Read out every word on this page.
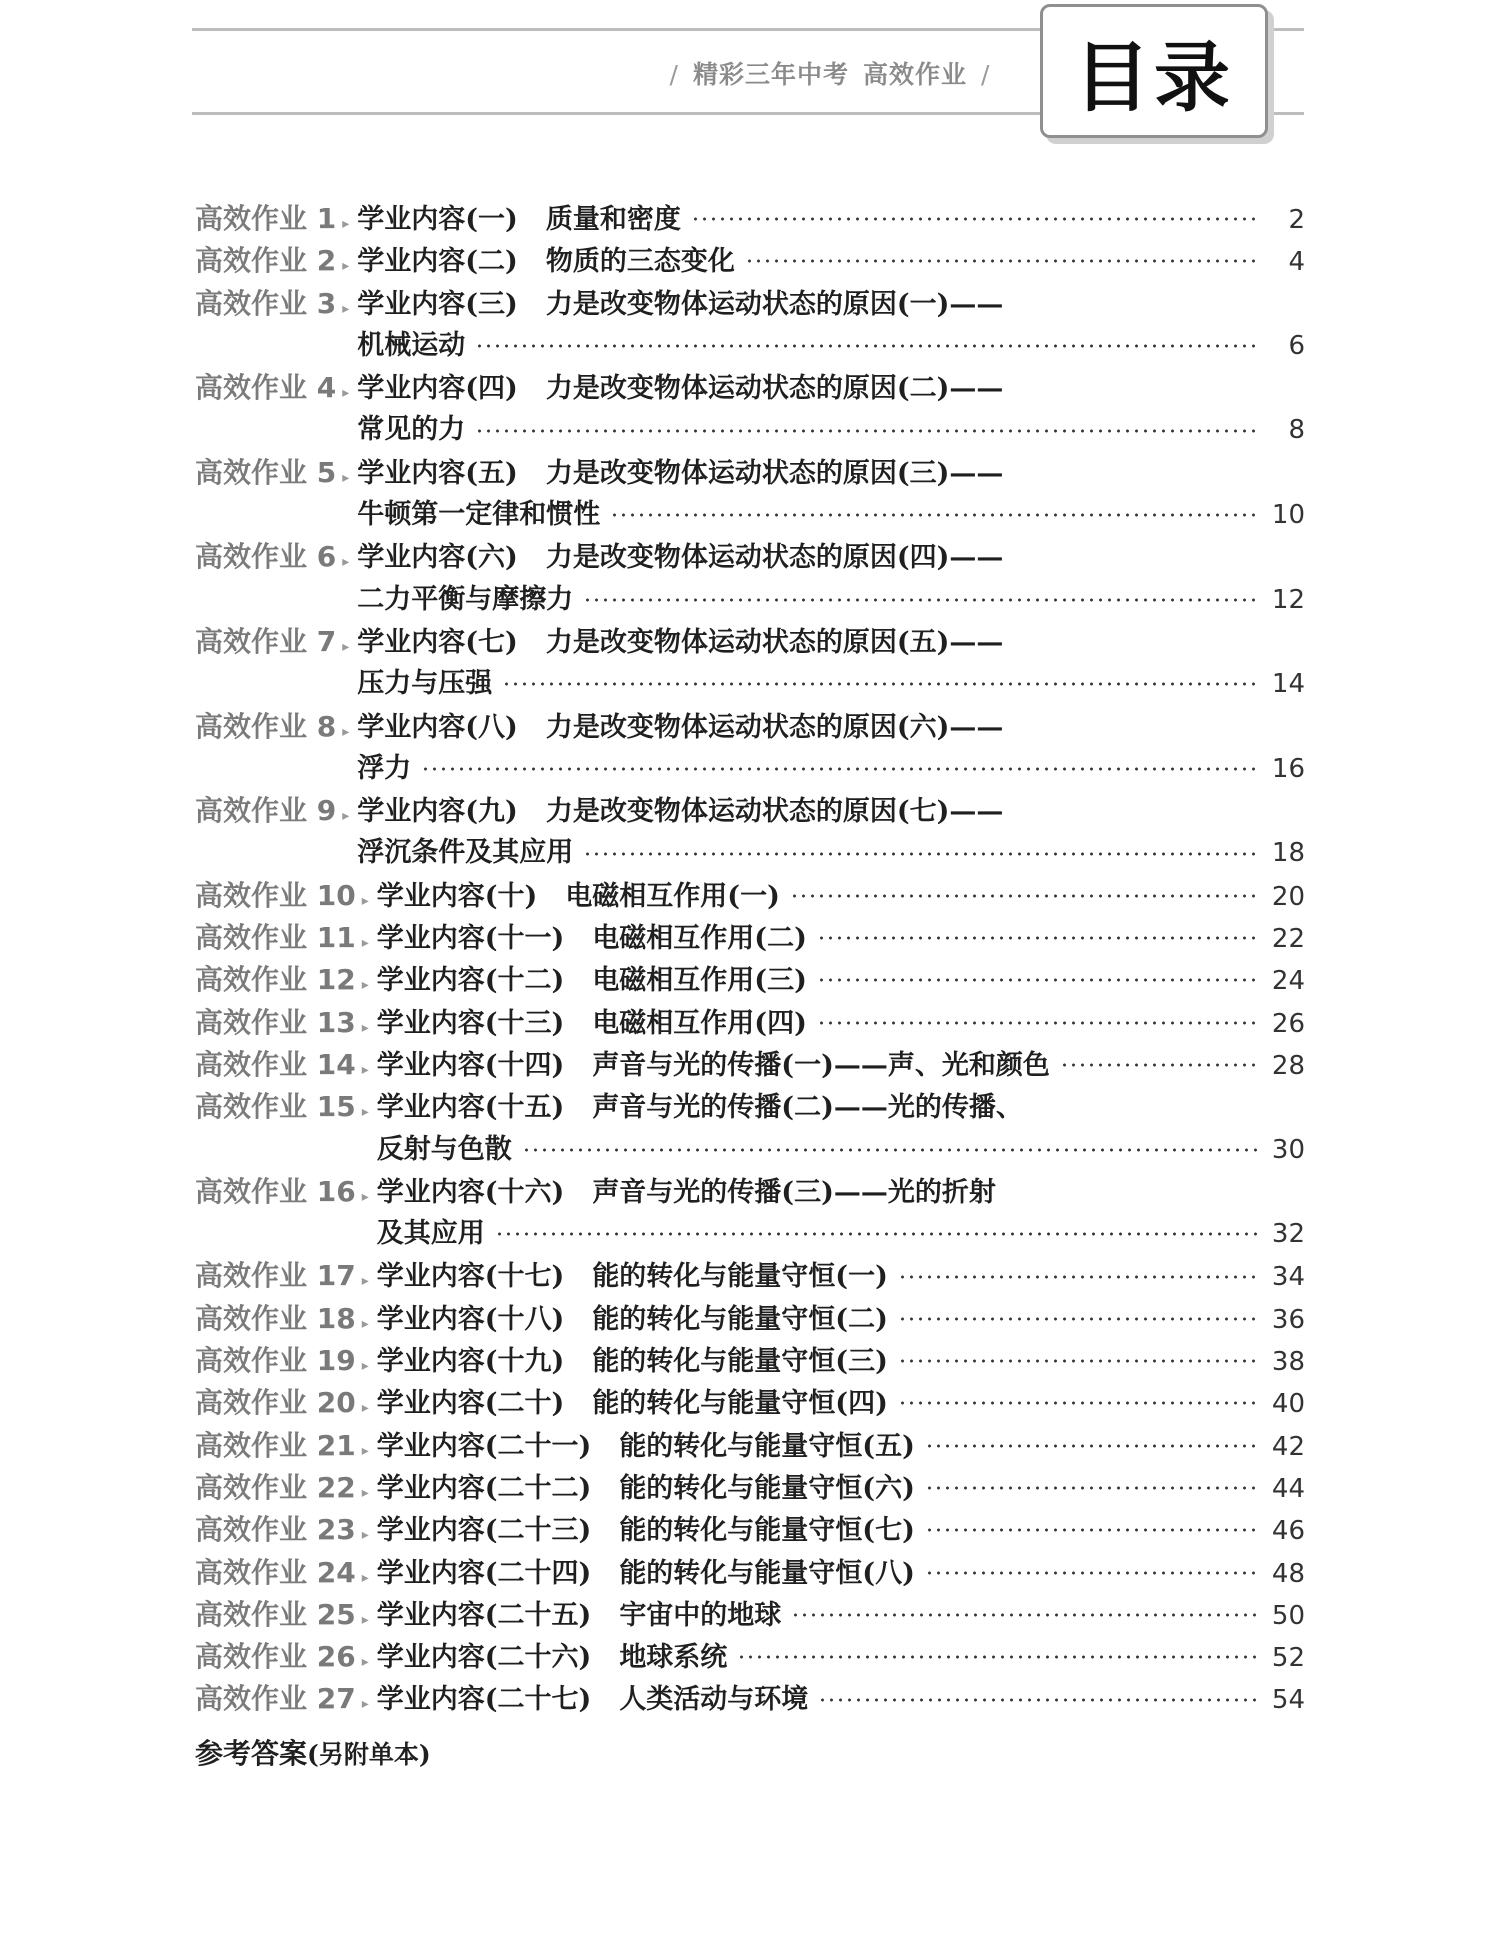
/ 精彩三年中考 高效作业 / 目录
高效作业 1 ▸ 学业内容(一) 质量和密度	2
高效作业 2 ▸ 学业内容(二) 物质的三态变化	4
高效作业 3 ▸ 学业内容(三) 力是改变物体运动状态的原因(一)——
机械运动	6
高效作业 4 ▸ 学业内容(四) 力是改变物体运动状态的原因(二)——
常见的力	8
高效作业 5 ▸ 学业内容(五) 力是改变物体运动状态的原因(三)——
牛顿第一定律和惯性	10
高效作业 6 ▸ 学业内容(六) 力是改变物体运动状态的原因(四)——
二力平衡与摩擦力	12
高效作业 7 ▸ 学业内容(七) 力是改变物体运动状态的原因(五)——
压力与压强	14
高效作业 8 ▸ 学业内容(八) 力是改变物体运动状态的原因(六)——
浮力	16
高效作业 9 ▸ 学业内容(九) 力是改变物体运动状态的原因(七)——
浮沉条件及其应用	18
高效作业 10 ▸ 学业内容(十) 电磁相互作用(一)	20
高效作业 11 ▸ 学业内容(十一) 电磁相互作用(二)	22
高效作业 12 ▸ 学业内容(十二) 电磁相互作用(三)	24
高效作业 13 ▸ 学业内容(十三) 电磁相互作用(四)	26
高效作业 14 ▸ 学业内容(十四) 声音与光的传播(一)——声、光和颜色	28
高效作业 15 ▸ 学业内容(十五) 声音与光的传播(二)——光的传播、
反射与色散	30
高效作业 16 ▸ 学业内容(十六) 声音与光的传播(三)——光的折射
及其应用	32
高效作业 17 ▸ 学业内容(十七) 能的转化与能量守恒(一)	34
高效作业 18 ▸ 学业内容(十八) 能的转化与能量守恒(二)	36
高效作业 19 ▸ 学业内容(十九) 能的转化与能量守恒(三)	38
高效作业 20 ▸ 学业内容(二十) 能的转化与能量守恒(四)	40
高效作业 21 ▸ 学业内容(二十一) 能的转化与能量守恒(五)	42
高效作业 22 ▸ 学业内容(二十二) 能的转化与能量守恒(六)	44
高效作业 23 ▸ 学业内容(二十三) 能的转化与能量守恒(七)	46
高效作业 24 ▸ 学业内容(二十四) 能的转化与能量守恒(八)	48
高效作业 25 ▸ 学业内容(二十五) 宇宙中的地球	50
高效作业 26 ▸ 学业内容(二十六) 地球系统	52
高效作业 27 ▸ 学业内容(二十七) 人类活动与环境	54
参考答案(另附单本)
